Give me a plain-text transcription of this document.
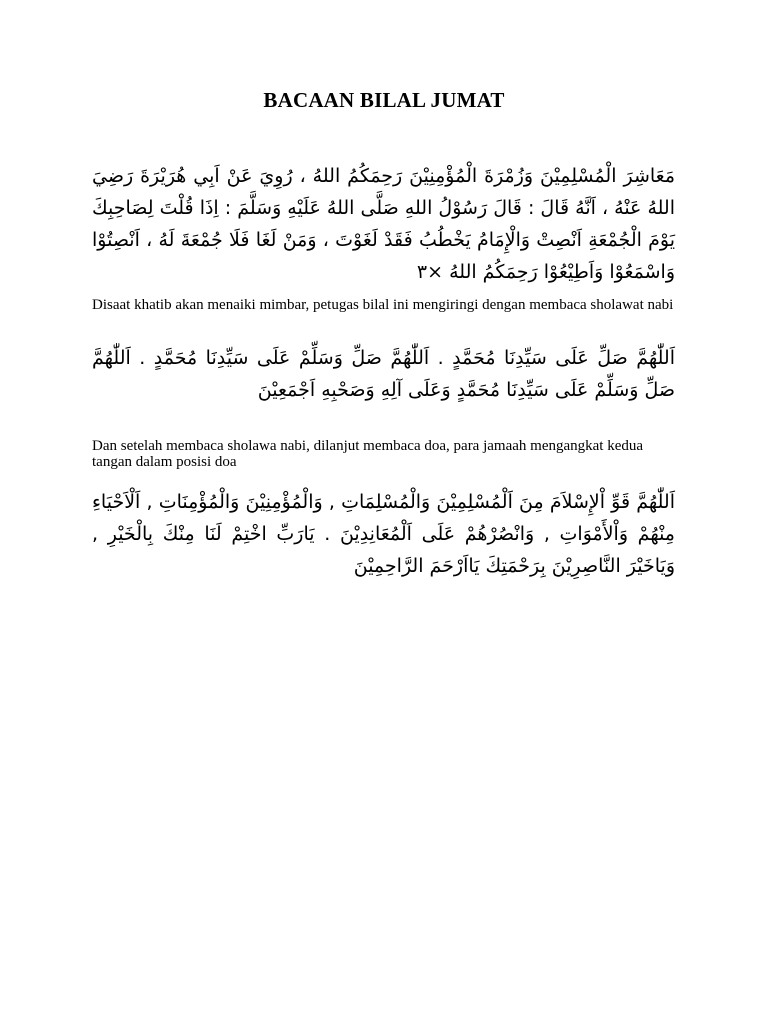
BACAAN BILAL JUMAT

مَعَاشِرَ الْمُسْلِمِيْنَ وَزُمْرَةَ الْمُؤْمِنِيْنَ رَحِمَكُمُ اللهُ ، رُوِيَ عَنْ اَبِي هُرَيْرَةَ رَضِيَ اللهُ عَنْهُ ، اَنَّهُ قَالَ : قَالَ رَسُوْلُ اللهِ صَلَّى اللهُ عَلَيْهِ وَسَلَّمَ : اِذَا قُلْتَ لِصَاحِبِكَ يَوْمَ الْجُمْعَةِ اَنْصِتْ وَالْإِمَامُ يَخْطُبُ فَقَدْ لَغَوْتَ ، وَمَنْ لَغَا فَلَا جُمْعَةَ لَهُ ، اَنْصِتُوْا وَاسْمَعُوْا وَاَطِيْعُوْا رَحِمَكُمُ اللهُ ×٣

Disaat khatib akan menaiki mimbar, petugas bilal ini mengiringi dengan membaca sholawat nabi

اَللّٰهُمَّ صَلِّ عَلَى سَيِّدِنَا مُحَمَّدٍ . اَللّٰهُمَّ صَلِّ وَسَلِّمْ عَلَى سَيِّدِنَا مُحَمَّدٍ . اَللّٰهُمَّ صَلِّ وَسَلِّمْ عَلَى سَيِّدِنَا مُحَمَّدٍ وَعَلَى آلِهِ وَصَحْبِهِ اَجْمَعِيْنَ

Dan setelah membaca sholawa nabi, dilanjut membaca doa, para jamaah mengangkat kedua tangan dalam posisi doa

اَللّٰهُمَّ قَوِّ اْلإِسْلاَمَ مِنَ اَلْمُسْلِمِيْنَ وَالْمُسْلِمَاتِ , وَالْمُؤْمِنِيْنَ وَالْمُؤْمِنَاتِ , اَلْاَحْيَاءِ مِنْهُمْ وَاْلأَمْوَاتِ , وَانْصُرْهُمْ عَلَى اَلْمُعَانِدِيْنَ . يَارَبِّ اخْتِمْ لَنَا مِنْكَ بِالْخَيْرِ , وَيَاخَيْرَ النَّاصِرِيْنَ بِرَحْمَتِكَ يَااَرْحَمَ الرَّاحِمِيْنَ
